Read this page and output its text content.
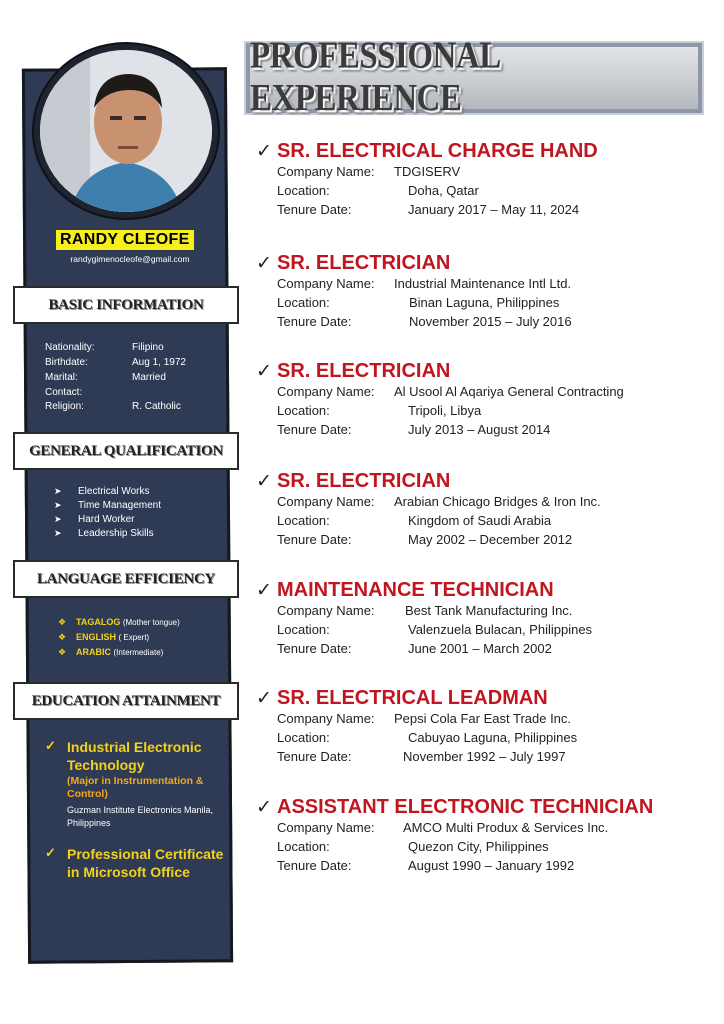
RANDY CLEOFE
randygimenocleofe@gmail.com
BASIC INFORMATION
Nationality:	Filipino
Birthdate:	Aug 1, 1972
Marital:	Married
Contact:
Religion:	R. Catholic
GENERAL QUALIFICATION
➤ Electrical Works
➤ Time Management
➤ Hard Worker
➤ Leadership Skills
LANGUAGE EFFICIENCY
❖ TAGALOG (Mother tongue)
❖ ENGLISH ( Expert)
❖ ARABIC (Intermediate)
EDUCATION ATTAINMENT
✓ Industrial Electronic Technology
(Major in Instrumentation & Control)
Guzman Institute Electronics Manila, Philippines
✓ Professional Certificate in Microsoft Office
PROFESSIONAL EXPERIENCE
✓ SR. ELECTRICAL CHARGE HAND
Company Name: TDGISERV
Location:	Doha, Qatar
Tenure Date:	January 2017 – May 11, 2024
✓ SR. ELECTRICIAN
Company Name: Industrial Maintenance Intl Ltd.
Location:	Binan Laguna, Philippines
Tenure Date:	November 2015 – July 2016
✓ SR. ELECTRICIAN
Company Name: Al Usool Al Aqariya General Contracting
Location:	Tripoli, Libya
Tenure Date:	July 2013 – August 2014
✓ SR. ELECTRICIAN
Company Name: Arabian Chicago Bridges & Iron Inc.
Location:	Kingdom of Saudi Arabia
Tenure Date:	May 2002 – December 2012
✓ MAINTENANCE TECHNICIAN
Company Name: Best Tank Manufacturing Inc.
Location:	Valenzuela Bulacan, Philippines
Tenure Date:	June 2001 – March 2002
✓ SR. ELECTRICAL LEADMAN
Company Name: Pepsi Cola Far East Trade Inc.
Location:	Cabuyao Laguna, Philippines
Tenure Date:	November 1992 – July 1997
✓ ASSISTANT ELECTRONIC TECHNICIAN
Company Name: AMCO Multi Produx & Services Inc.
Location:	Quezon City, Philippines
Tenure Date:	August 1990 – January 1992
